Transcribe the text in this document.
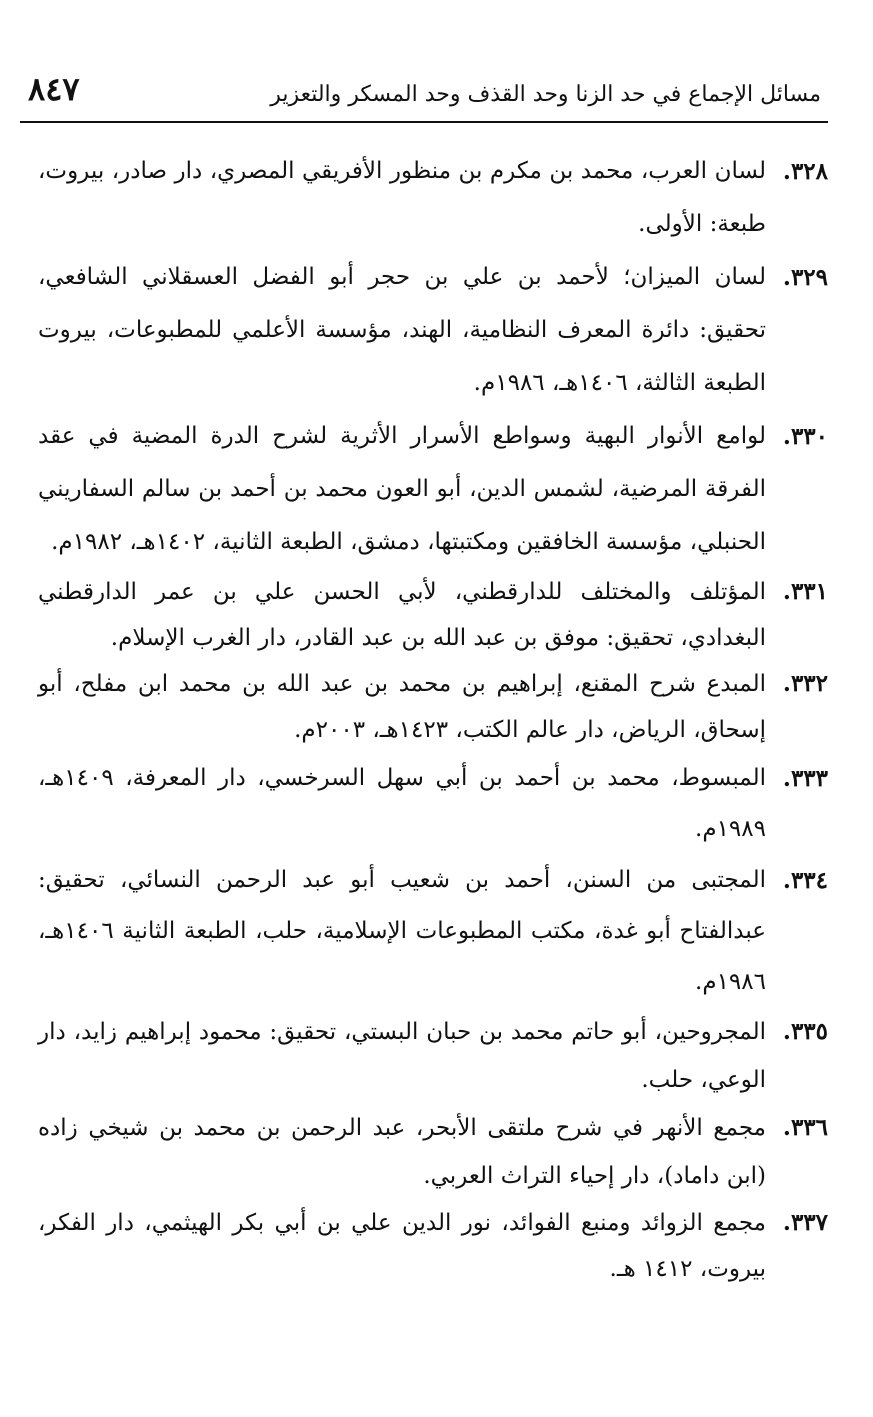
٨٤٧	مسائل الإجماع في حد الزنا وحد القذف وحد المسكر والتعزير
٣٢٨.
لسان العرب، محمد بن مكرم بن منظور الأفريقي المصري، دار صادر، بيروت، طبعة: الأولى.
٣٢٩.
لسان الميزان؛ لأحمد بن علي بن حجر أبو الفضل العسقلاني الشافعي، تحقيق: دائرة المعرف النظامية، الهند، مؤسسة الأعلمي للمطبوعات، بيروت الطبعة الثالثة، ١٤٠٦هـ، ١٩٨٦م.
٣٣٠.
لوامع الأنوار البهية وسواطع الأسرار الأثرية لشرح الدرة المضية في عقد الفرقة المرضية، لشمس الدين، أبو العون محمد بن أحمد بن سالم السفاريني الحنبلي، مؤسسة الخافقين ومكتبتها، دمشق، الطبعة الثانية، ١٤٠٢هـ، ١٩٨٢م.
٣٣١.
المؤتلف والمختلف للدارقطني، لأبي الحسن علي بن عمر الدارقطني البغدادي، تحقيق: موفق بن عبد الله بن عبد القادر، دار الغرب الإسلام.
٣٣٢.
المبدع شرح المقنع، إبراهيم بن محمد بن عبد الله بن محمد ابن مفلح، أبو إسحاق، الرياض، دار عالم الكتب، ١٤٢٣هـ، ٢٠٠٣م.
٣٣٣.
المبسوط، محمد بن أحمد بن أبي سهل السرخسي، دار المعرفة، ١٤٠٩هـ، ١٩٨٩م.
٣٣٤.
المجتبى من السنن، أحمد بن شعيب أبو عبد الرحمن النسائي، تحقيق: عبدالفتاح أبو غدة، مكتب المطبوعات الإسلامية، حلب، الطبعة الثانية ١٤٠٦هـ، ١٩٨٦م.
٣٣٥.
المجروحين، أبو حاتم محمد بن حبان البستي، تحقيق: محمود إبراهيم زايد، دار الوعي، حلب.
٣٣٦.
مجمع الأنهر في شرح ملتقى الأبحر، عبد الرحمن بن محمد بن شيخي زاده (ابن داماد)، دار إحياء التراث العربي.
٣٣٧.
مجمع الزوائد ومنبع الفوائد، نور الدين علي بن أبي بكر الهيثمي، دار الفكر، بيروت، ١٤١٢ هـ.
